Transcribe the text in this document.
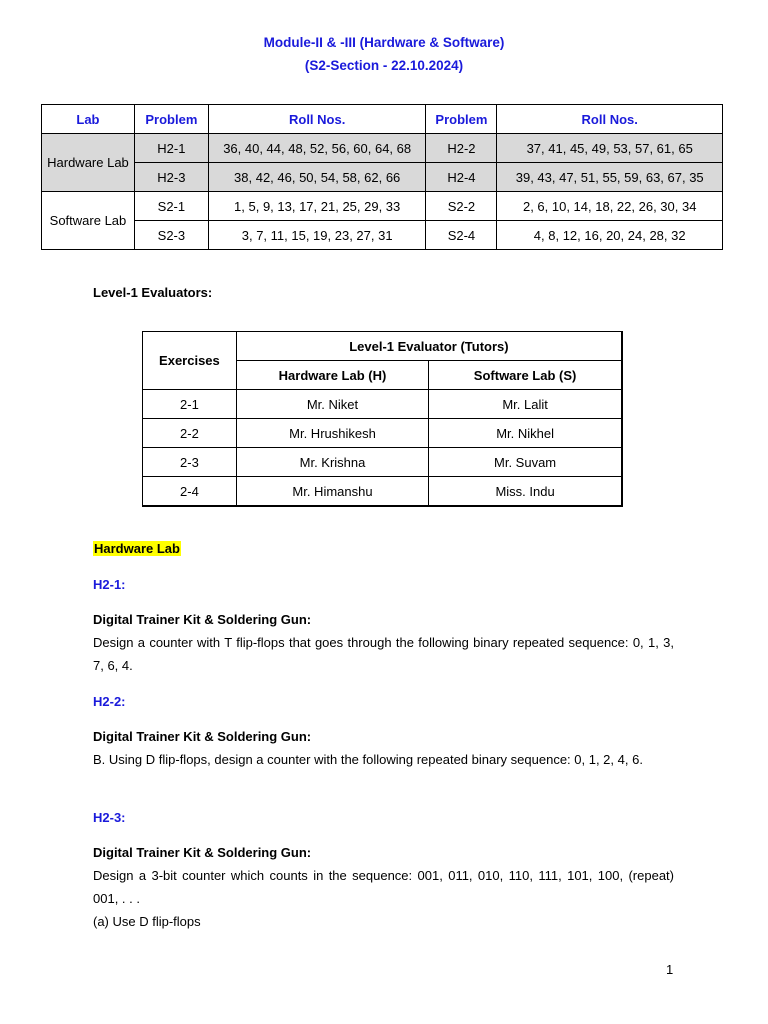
Module-II & -III (Hardware & Software)
(S2-Section - 22.10.2024)
Lab	Problem	Roll Nos.	Problem	Roll Nos.
Hardware Lab	H2-1	36, 40, 44, 48, 52, 56, 60, 64, 68	H2-2	37, 41, 45, 49, 53, 57, 61, 65
	H2-3	38, 42, 46, 50, 54, 58, 62, 66	H2-4	39, 43, 47, 51, 55, 59, 63, 67, 35
Software Lab	S2-1	1, 5, 9, 13, 17, 21, 25, 29, 33	S2-2	2, 6, 10, 14, 18, 22, 26, 30, 34
	S2-3	3, 7, 11, 15, 19, 23, 27, 31	S2-4	4, 8, 12, 16, 20, 24, 28, 32
Level-1 Evaluators:
Exercises	Level-1 Evaluator (Tutors)	
	Hardware Lab (H)	Software Lab (S)
2-1	Mr. Niket	Mr. Lalit
2-2	Mr. Hrushikesh	Mr. Nikhel
2-3	Mr. Krishna	Mr. Suvam
2-4	Mr. Himanshu	Miss. Indu
Hardware Lab
H2-1:
Digital Trainer Kit & Soldering Gun:
Design a counter with T flip-flops that goes through the following binary repeated sequence: 0, 1, 3, 7, 6, 4.
H2-2:
Digital Trainer Kit & Soldering Gun:
B. Using D flip-flops, design a counter with the following repeated binary sequence: 0, 1, 2, 4, 6.
H2-3:
Digital Trainer Kit & Soldering Gun:
Design a 3-bit counter which counts in the sequence: 001, 011, 010, 110, 111, 101, 100, (repeat) 001, . . .
(a) Use D flip-flops
1
